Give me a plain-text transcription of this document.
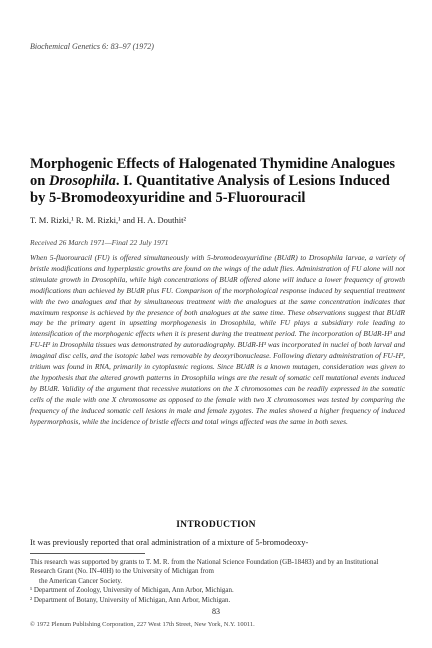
Biochemical Genetics 6: 83–97 (1972)
Morphogenic Effects of Halogenated Thymidine Analogues on Drosophila. I. Quantitative Analysis of Lesions Induced by 5-Bromodeoxyuridine and 5-Fluorouracil
T. M. Rizki,¹ R. M. Rizki,¹ and H. A. Douthit²
Received 26 March 1971—Final 22 July 1971

When 5-fluorouracil (FU) is offered simultaneously with 5-bromodeoxyuridine (BUdR) to Drosophila larvae, a variety of bristle modifications and hyperplastic growths are found on the wings of the adult flies. Administration of FU alone will not stimulate growth in Drosophila, while high concentrations of BUdR offered alone will induce a lower frequency of growth modifications than achieved by BUdR plus FU. Comparison of the morphological response induced by sequential treatment with the two analogues and that by simultaneous treatment with the analogues at the same concentration indicates that maximum response is achieved by the presence of both analogues at the same time. These observations suggest that BUdR may be the primary agent in upsetting morphogenesis in Drosophila, while FU plays a subsidiary role leading to intensification of the morphogenic effects when it is present during the treatment period. The incorporation of BUdR-H³ and FU-H³ in Drosophila tissues was demonstrated by autoradiography. BUdR-H³ was incorporated in nuclei of both larval and imaginal disc cells, and the isotopic label was removable by deoxyribonuclease. Following dietary administration of FU-H³, tritium was found in RNA, primarily in cytoplasmic regions. Since BUdR is a known mutagen, consideration was given to the hypothesis that the altered growth patterns in Drosophila wings are the result of somatic cell mutational events induced by BUdR. Validity of the argument that recessive mutations on the X chromosomes can be readily expressed in the somatic cells of the male with one X chromosome as opposed to the female with two X chromosomes was tested by comparing the frequency of the induced somatic cell lesions in male and female zygotes. The males showed a higher frequency of induced hypermorphosis, while the incidence of bristle effects and total wings affected was the same in both sexes.

INTRODUCTION

It was previously reported that oral administration of a mixture of 5-bromodeoxy-

This research was supported by grants to T. M. R. from the National Science Foundation (GB-18483) and by an Institutional Research Grant (No. IN-40H) to the University of Michigan from

the American Cancer Society.

¹ Department of Zoology, University of Michigan, Ann Arbor, Michigan.

² Department of Botany, University of Michigan, Ann Arbor, Michigan.

83
© 1972 Plenum Publishing Corporation, 227 West 17th Street, New York, N.Y. 10011.
